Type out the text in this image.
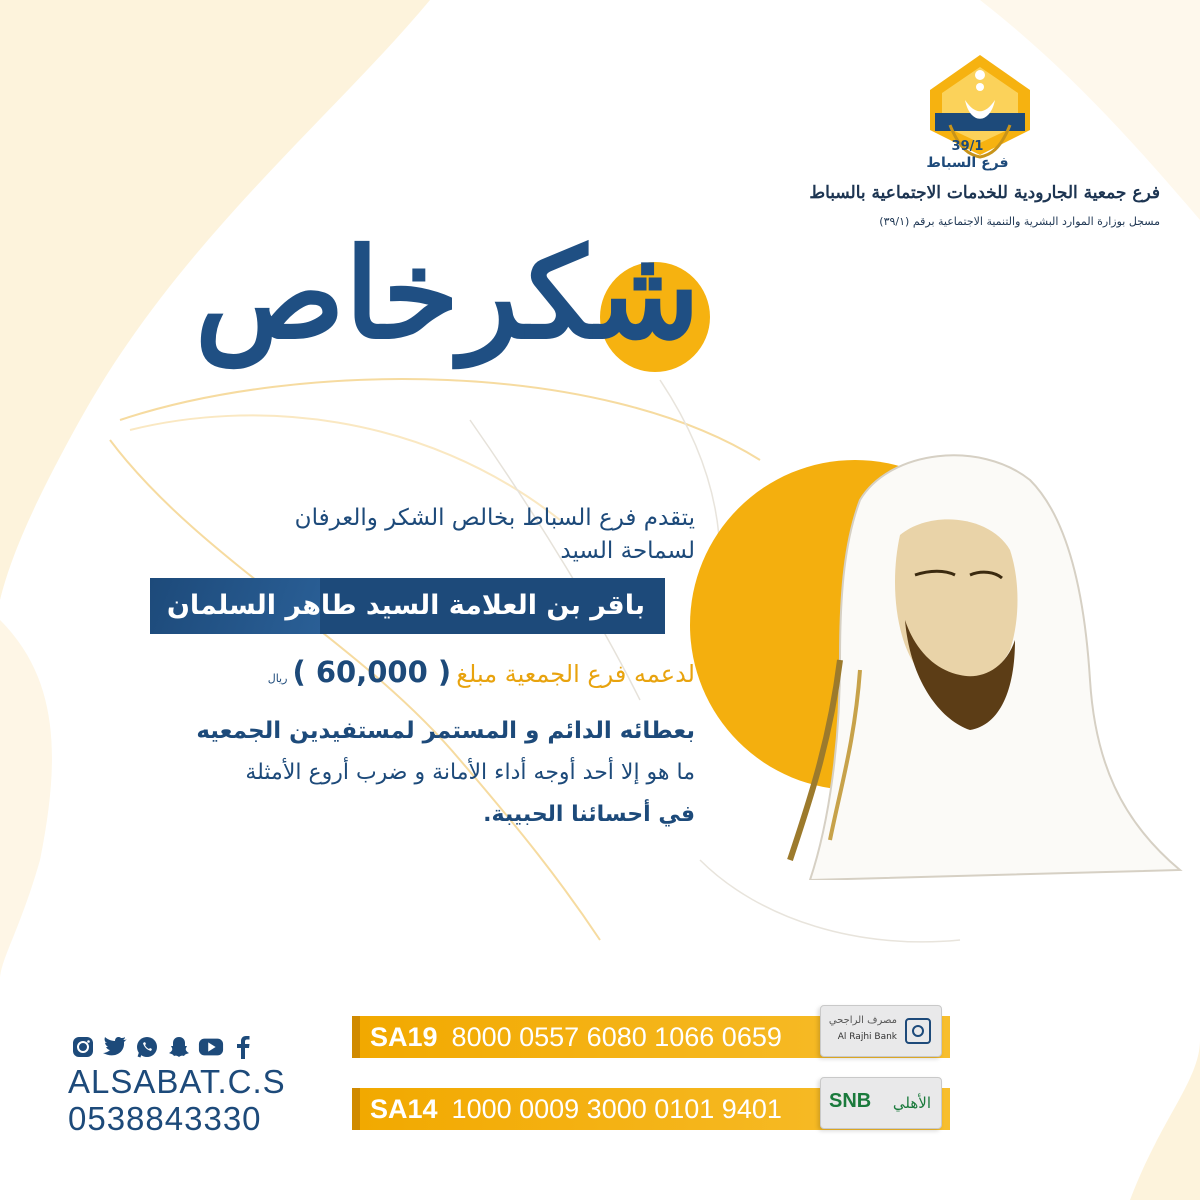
39/1
فرع السباط
فرع جمعية الجارودية للخدمات الاجتماعية بالسباط
مسجل بوزارة الموارد البشرية والتنمية الاجتماعية برقم (٣٩/١)
شكرخاص
يتقدم فرع السباط بخالص الشكر والعرفان
لسماحة السيد
باقر بن العلامة السيد طاهر السلمان
لدعمه فرع الجمعية مبلغ ( 60,000 ) ريال
بعطائه الدائم و المستمر لمستفيدين الجمعيه
ما هو إلا أحد أوجه أداء الأمانة و ضرب أروع الأمثلة
في أحسائنا الحبيبة.
SA19 8000 0557 6080 1066 0659
مصرف الراجحي
Al Rajhi Bank
SA14 1000 0009 3000 0101 9401 SNB الأهلي
ALSABAT.C.S
0538843330
